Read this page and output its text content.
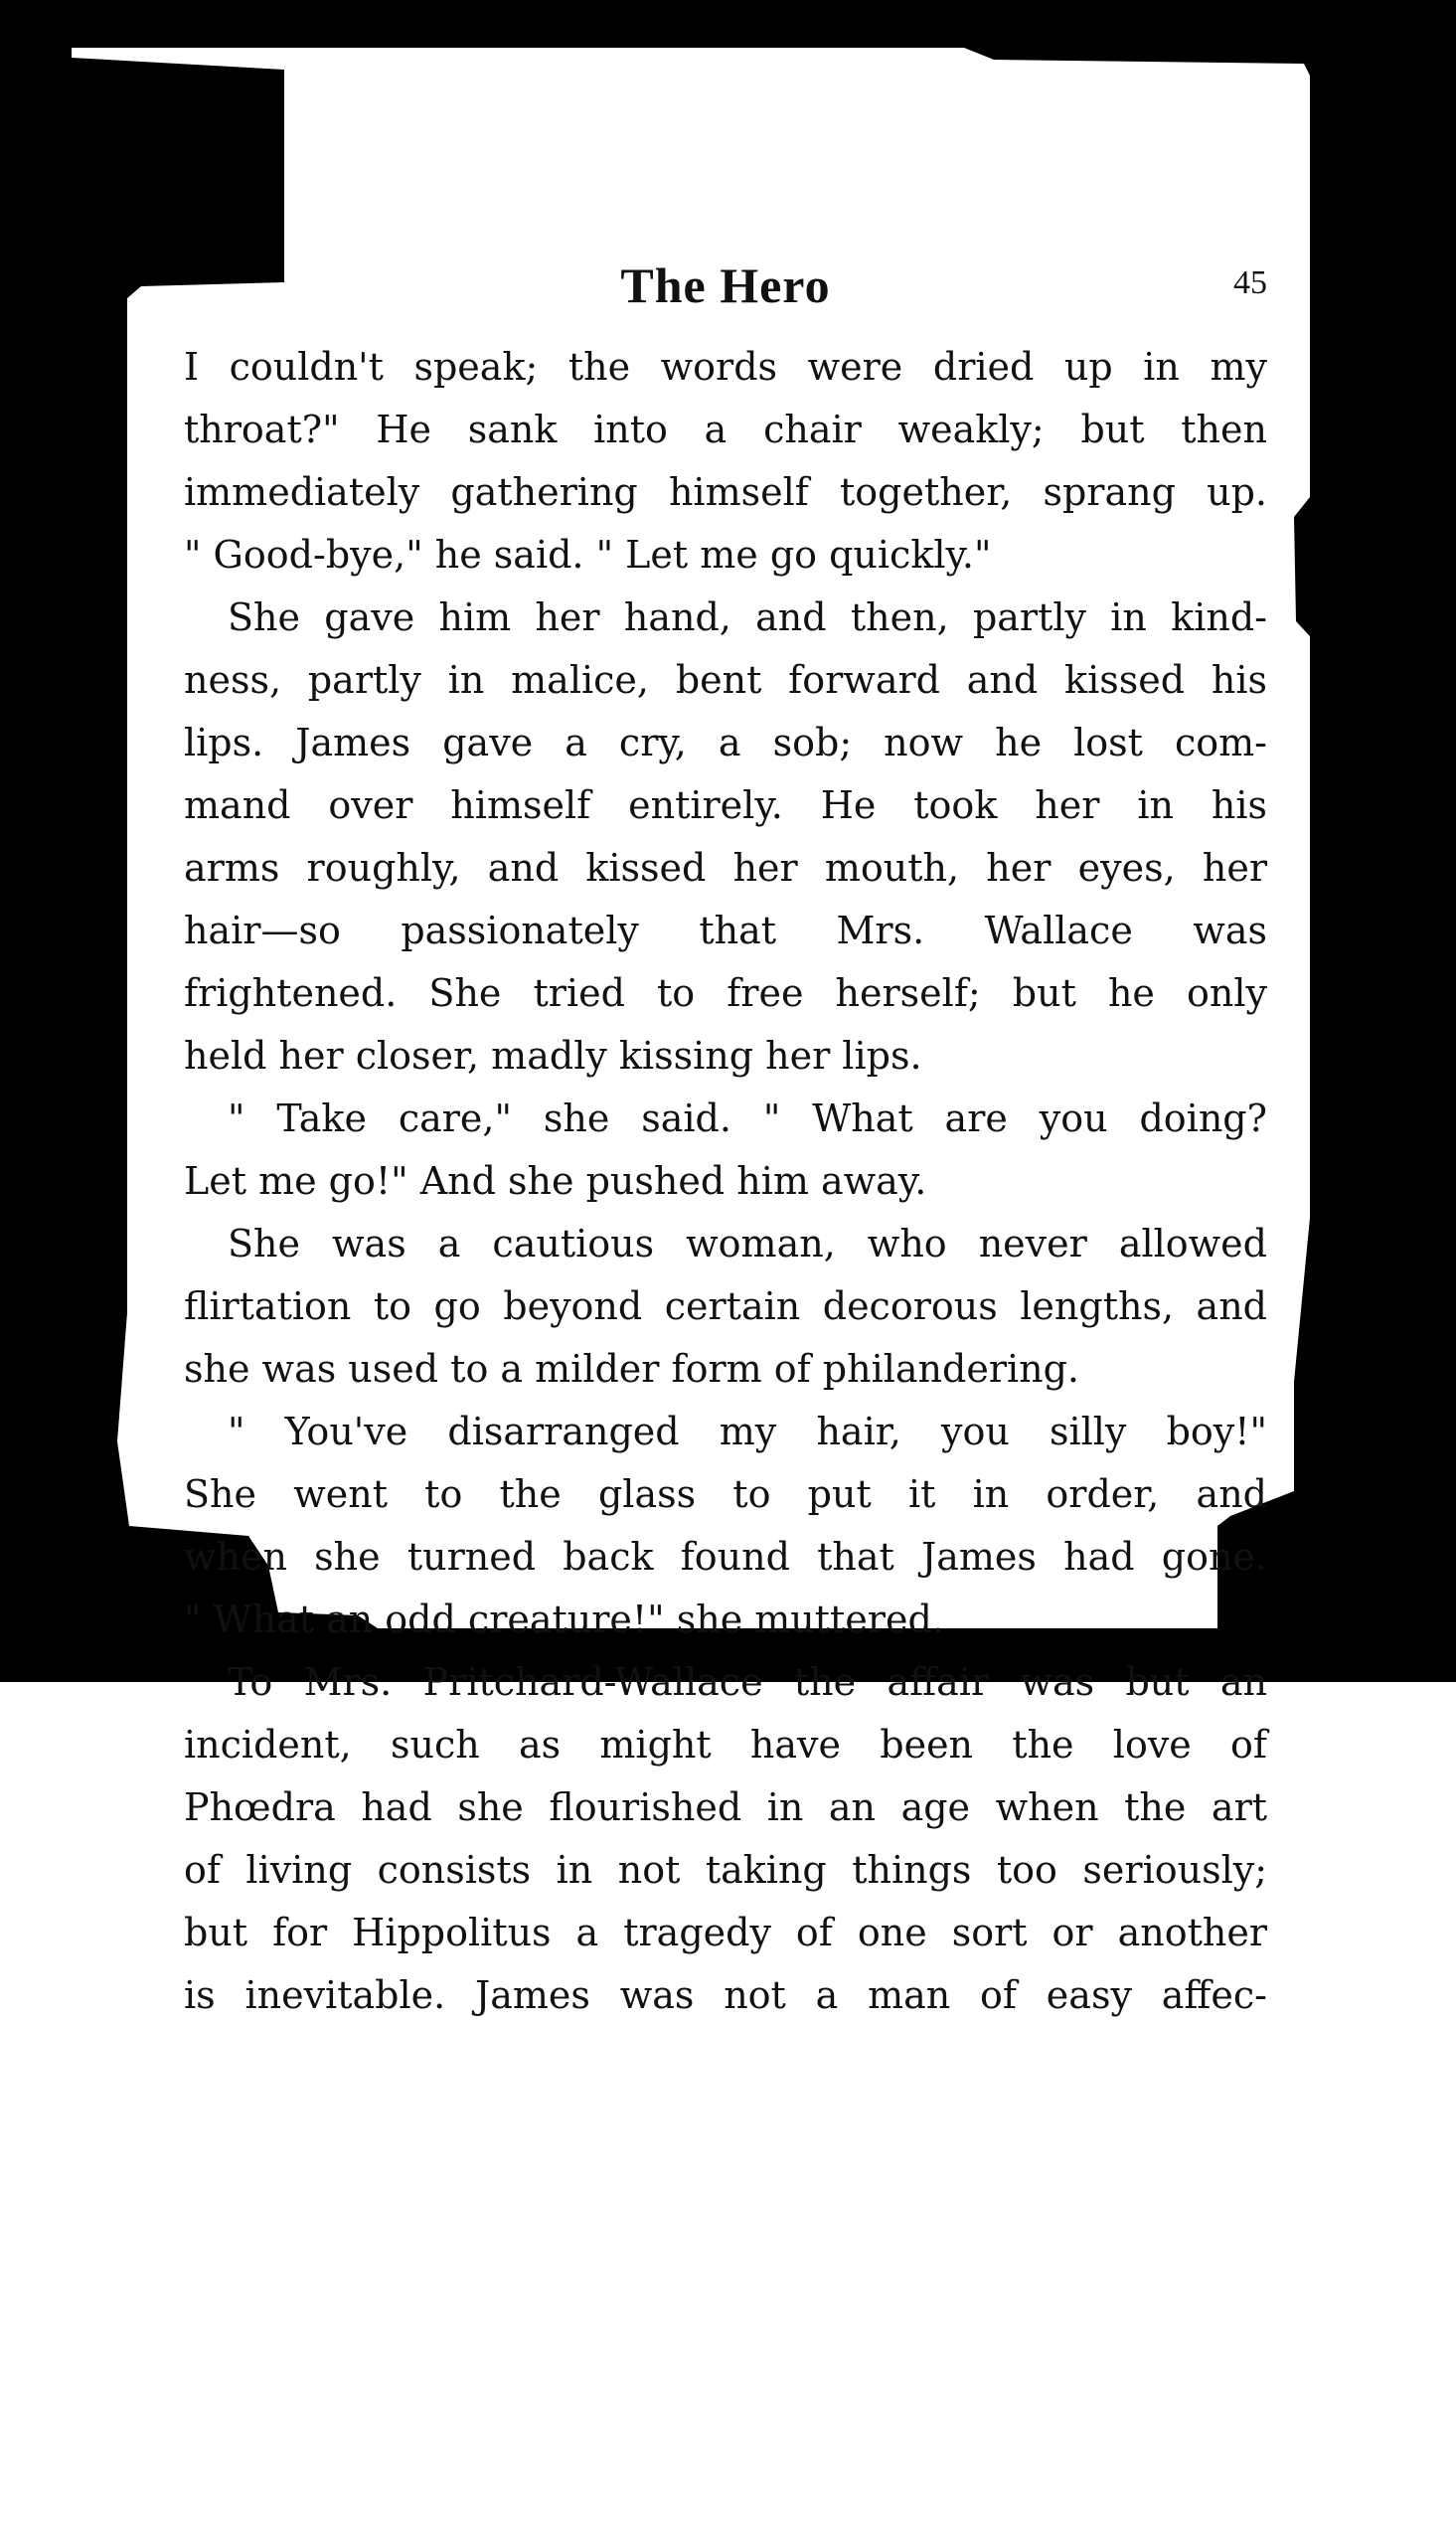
The Hero	45

I couldn't speak; the words were dried up in my
throat?" He sank into a chair weakly; but then
immediately gathering himself together, sprang up.
" Good-bye," he said. " Let me go quickly."

She gave him her hand, and then, partly in kind-
ness, partly in malice, bent forward and kissed his
lips. James gave a cry, a sob; now he lost com-
mand over himself entirely. He took her in his
arms roughly, and kissed her mouth, her eyes, her
hair—so passionately that Mrs. Wallace was
frightened. She tried to free herself; but he only
held her closer, madly kissing her lips.

" Take care," she said. " What are you doing?
Let me go!" And she pushed him away.

She was a cautious woman, who never allowed
flirtation to go beyond certain decorous lengths, and
she was used to a milder form of philandering.

" You've disarranged my hair, you silly boy!"
She went to the glass to put it in order, and
when she turned back found that James had gone.
" What an odd creature!" she muttered.

To Mrs. Pritchard-Wallace the affair was but an
incident, such as might have been the love of
Phœdra had she flourished in an age when the art
of living consists in not taking things too seriously;
but for Hippolitus a tragedy of one sort or another
is inevitable. James was not a man of easy affec-
